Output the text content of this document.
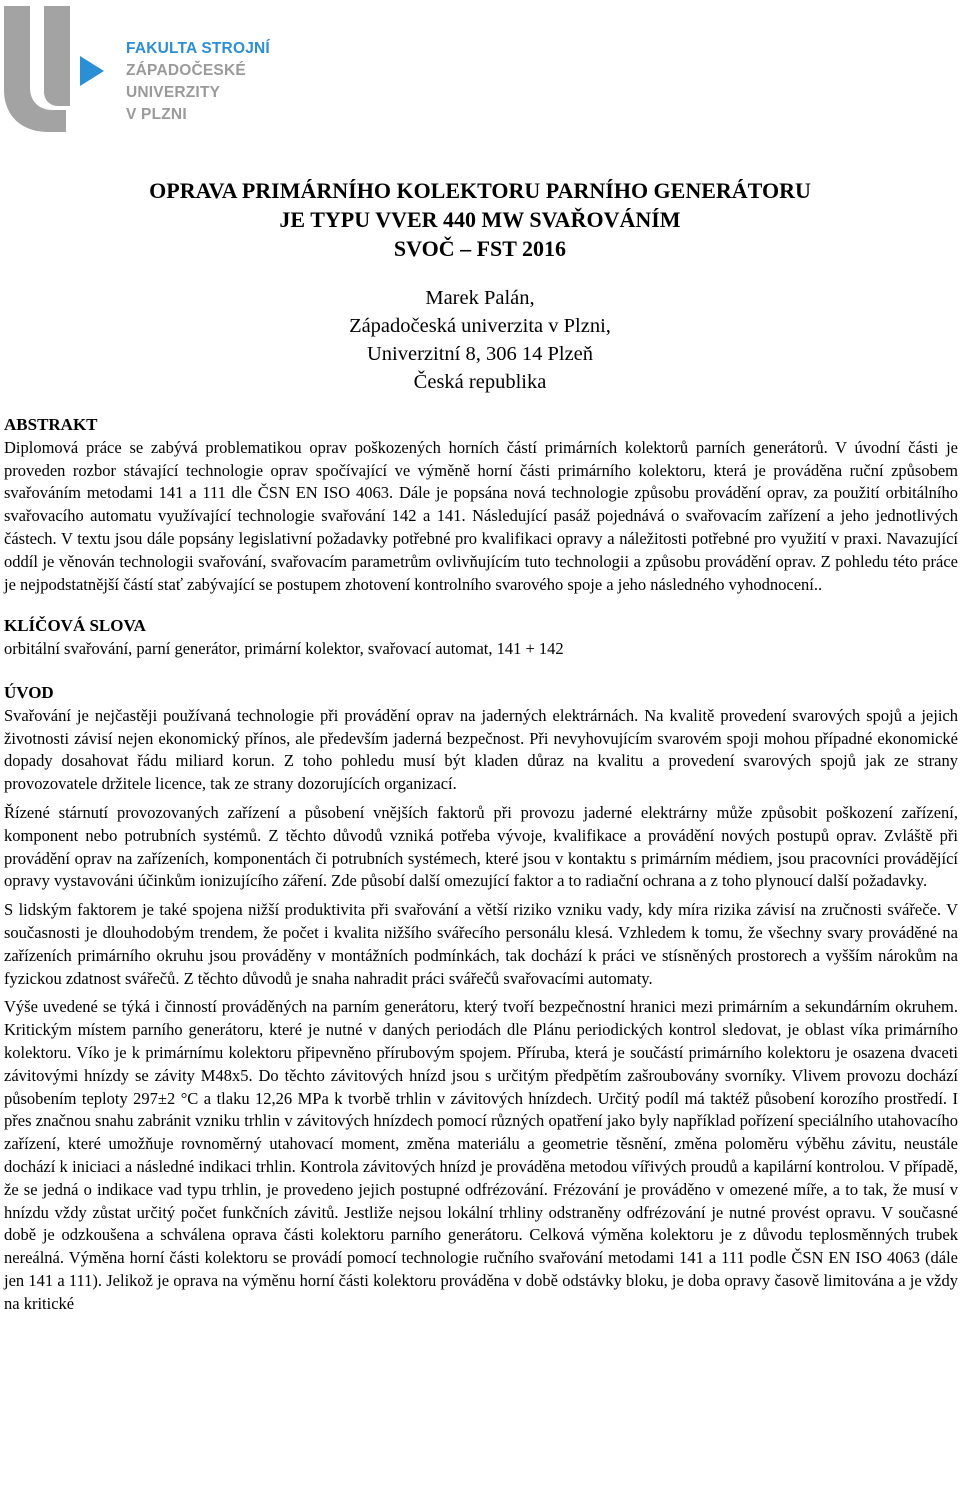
FAKULTA STROJNÍ
ZÁPADOČESKÉ
UNIVERZITY
V PLZNI
OPRAVA PRIMÁRNÍHO KOLEKTORU PARNÍHO GENERÁTORU
JE TYPU VVER 440 MW SVAŘOVÁNÍM
SVOČ – FST 2016
Marek Palán,
Západočeská univerzita v Plzni,
Univerzitní 8, 306 14 Plzeň
Česká republika
ABSTRAKT

Diplomová práce se zabývá problematikou oprav poškozených horních částí primárních kolektorů parních generátorů. V úvodní části je proveden rozbor stávající technologie oprav spočívající ve výměně horní části primárního kolektoru, která je prováděna ruční způsobem svařováním metodami 141 a 111 dle ČSN EN ISO 4063. Dále je popsána nová technologie způsobu provádění oprav, za použití orbitálního svařovacího automatu využívající technologie svařování 142 a 141. Následující pasáž pojednává o svařovacím zařízení a jeho jednotlivých částech. V textu jsou dále popsány legislativní požadavky potřebné pro kvalifikaci opravy a náležitosti potřebné pro využití v praxi. Navazující oddíl je věnován technologii svařování, svařovacím parametrům ovlivňujícím tuto technologii a způsobu provádění oprav. Z pohledu této práce je nejpodstatnější částí stať zabývající se postupem zhotovení kontrolního svarového spoje a jeho následného vyhodnocení..

KLÍČOVÁ SLOVA

orbitální svařování, parní generátor, primární kolektor, svařovací automat, 141 + 142

ÚVOD

Svařování je nejčastěji používaná technologie při provádění oprav na jaderných elektrárnách. Na kvalitě provedení svarových spojů a jejich životnosti závisí nejen ekonomický přínos, ale především jaderná bezpečnost. Při nevyhovujícím svarovém spoji mohou případné ekonomické dopady dosahovat řádu miliard korun. Z toho pohledu musí být kladen důraz na kvalitu a provedení svarových spojů jak ze strany provozovatele držitele licence, tak ze strany dozorujících organizací.

Řízené stárnutí provozovaných zařízení a působení vnějších faktorů při provozu jaderné elektrárny může způsobit poškození zařízení, komponent nebo potrubních systémů. Z těchto důvodů vzniká potřeba vývoje, kvalifikace a provádění nových postupů oprav. Zvláště při provádění oprav na zařízeních, komponentách či potrubních systémech, které jsou v kontaktu s primárním médiem, jsou pracovníci provádějící opravy vystavováni účinkům ionizujícího záření. Zde působí další omezující faktor a to radiační ochrana a z toho plynoucí další požadavky.

S lidským faktorem je také spojena nižší produktivita při svařování a větší riziko vzniku vady, kdy míra rizika závisí na zručnosti svářeče. V současnosti je dlouhodobým trendem, že počet i kvalita nižšího svářecího personálu klesá. Vzhledem k tomu, že všechny svary prováděné na zařízeních primárního okruhu jsou prováděny v montážních podmínkách, tak dochází k práci ve stísněných prostorech a vyšším nárokům na fyzickou zdatnost svářečů. Z těchto důvodů je snaha nahradit práci svářečů svařovacími automaty.

Výše uvedené se týká i činností prováděných na parním generátoru, který tvoří bezpečnostní hranici mezi primárním a sekundárním okruhem. Kritickým místem parního generátoru, které je nutné v daných periodách dle Plánu periodických kontrol sledovat, je oblast víka primárního kolektoru. Víko je k primárnímu kolektoru připevněno přírubovým spojem. Příruba, která je součástí primárního kolektoru je osazena dvaceti závitovými hnízdy se závity M48x5. Do těchto závitových hnízd jsou s určitým předpětím zašroubovány svorníky. Vlivem provozu dochází působením teploty 297±2 °C a tlaku 12,26 MPa k tvorbě trhlin v závitových hnízdech. Určitý podíl má taktéž působení korozího prostředí. I přes značnou snahu zabránit vzniku trhlin v závitových hnízdech pomocí různých opatření jako byly například pořízení speciálního utahovacího zařízení, které umožňuje rovnoměrný utahovací moment, změna materiálu a geometrie těsnění, změna poloměru výběhu závitu, neustále dochází k iniciaci a následné indikaci trhlin. Kontrola závitových hnízd je prováděna metodou vířivých proudů a kapilární kontrolou. V případě, že se jedná o indikace vad typu trhlin, je provedeno jejich postupné odfrézování. Frézování je prováděno v omezené míře, a to tak, že musí v hnízdu vždy zůstat určitý počet funkčních závitů. Jestliže nejsou lokální trhliny odstraněny odfrézování je nutné provést opravu. V současné době je odzkoušena a schválena oprava části kolektoru parního generátoru. Celková výměna kolektoru je z důvodu teplosměnných trubek nereálná. Výměna horní části kolektoru se provádí pomocí technologie ručního svařování metodami 141 a 111 podle ČSN EN ISO 4063 (dále jen 141 a 111). Jelikož je oprava na výměnu horní části kolektoru prováděna v době odstávky bloku, je doba opravy časově limitována a je vždy na kritické
